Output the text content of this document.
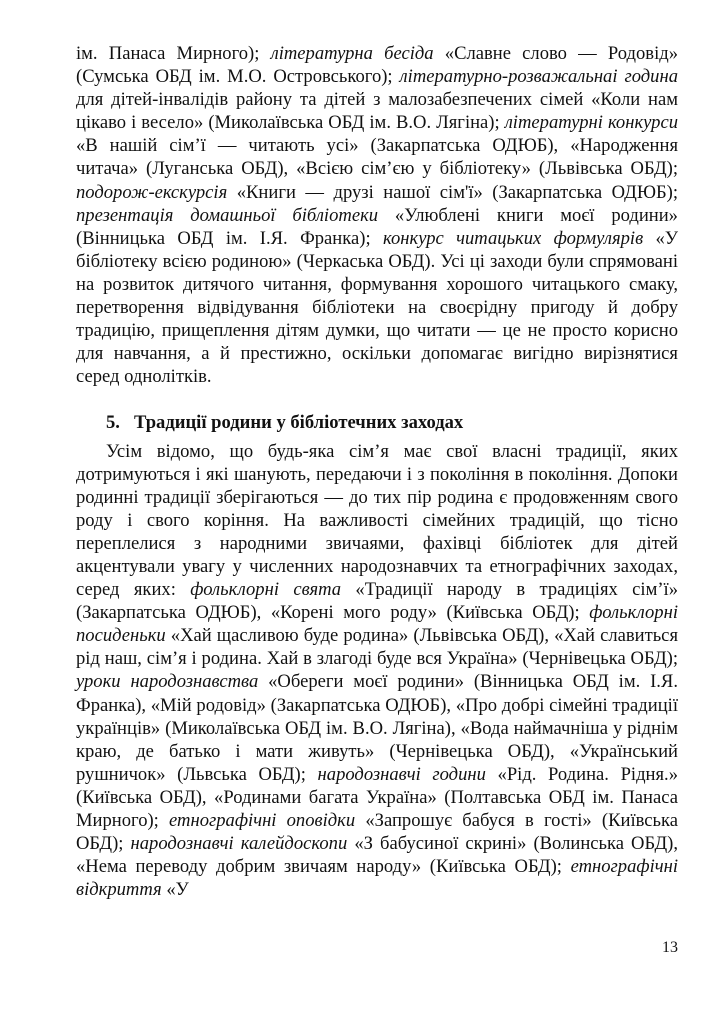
ім. Панаса Мирного); літературна бесіда «Славне слово — Родовід» (Сумська ОБД ім. М.О. Островського); літературно-розважальнаі година для дітей-інвалідів району та дітей з малозабезпечених сімей «Коли нам цікаво і весело» (Миколаївська ОБД ім. В.О. Лягіна); літературні конкурси «В нашій сім’ї — читають усі» (Закарпатська ОДЮБ), «Народження читача» (Луганська ОБД), «Всією сім’єю у бібліотеку» (Львівська ОБД); подорож-екскурсія «Книги — друзі нашої сім'ї» (Закарпатська ОДЮБ); презентація домашньої бібліотеки «Улюблені книги моєї родини» (Вінницька ОБД ім. І.Я. Франка); конкурс читацьких формулярів «У бібліотеку всією родиною» (Черкаська ОБД). Усі ці заходи були спрямовані на розвиток дитячого читання, формування хорошого читацького смаку, перетворення відвідування бібліотеки на своєрідну пригоду й добру традицію, прищеплення дітям думки, що читати — це не просто корисно для навчання, а й престижно, оскільки допомагає вигідно вирізнятися серед однолітків.

5. Традиції родини у бібліотечних заходах

Усім відомо, що будь-яка сім’я має свої власні традиції, яких дотримуються і які шанують, передаючи і з покоління в покоління. Допоки родинні традиції зберігаються — до тих пір родина є продовженням свого роду і свого коріння. На важливості сімейних традицій, що тісно переплелися з народними звичаями, фахівці бібліотек для дітей акцентували увагу у численних народознавчих та етнографічних заходах, серед яких: фольклорні свята «Традиції народу в традиціях сім’ї» (Закарпатська ОДЮБ), «Корені мого роду» (Київська ОБД); фольклорні посиденьки «Хай щасливою буде родина» (Львівська ОБД), «Хай славиться рід наш, сім’я і родина. Хай в злагоді буде вся Україна» (Чернівецька ОБД); уроки народознавства «Обереги моєї родини» (Вінницька ОБД ім. І.Я. Франка), «Мій родовід» (Закарпатська ОДЮБ), «Про добрі сімейні традиції українців» (Миколаївська ОБД ім. В.О. Лягіна), «Вода наймачніша у ріднім краю, де батько і мати живуть» (Чернівецька ОБД), «Український рушничок» (Львська ОБД); народознавчі години «Рід. Родина. Рідня.» (Київська ОБД), «Родинами багата Україна» (Полтавська ОБД ім. Панаса Мирного); етнографічні оповідки «Запрошує бабуся в гості» (Київська ОБД); народознавчі калейдоскопи «З бабусиної скрині» (Волинська ОБД), «Нема переводу добрим звичаям народу» (Київська ОБД); етнографічні відкриття «У

13
